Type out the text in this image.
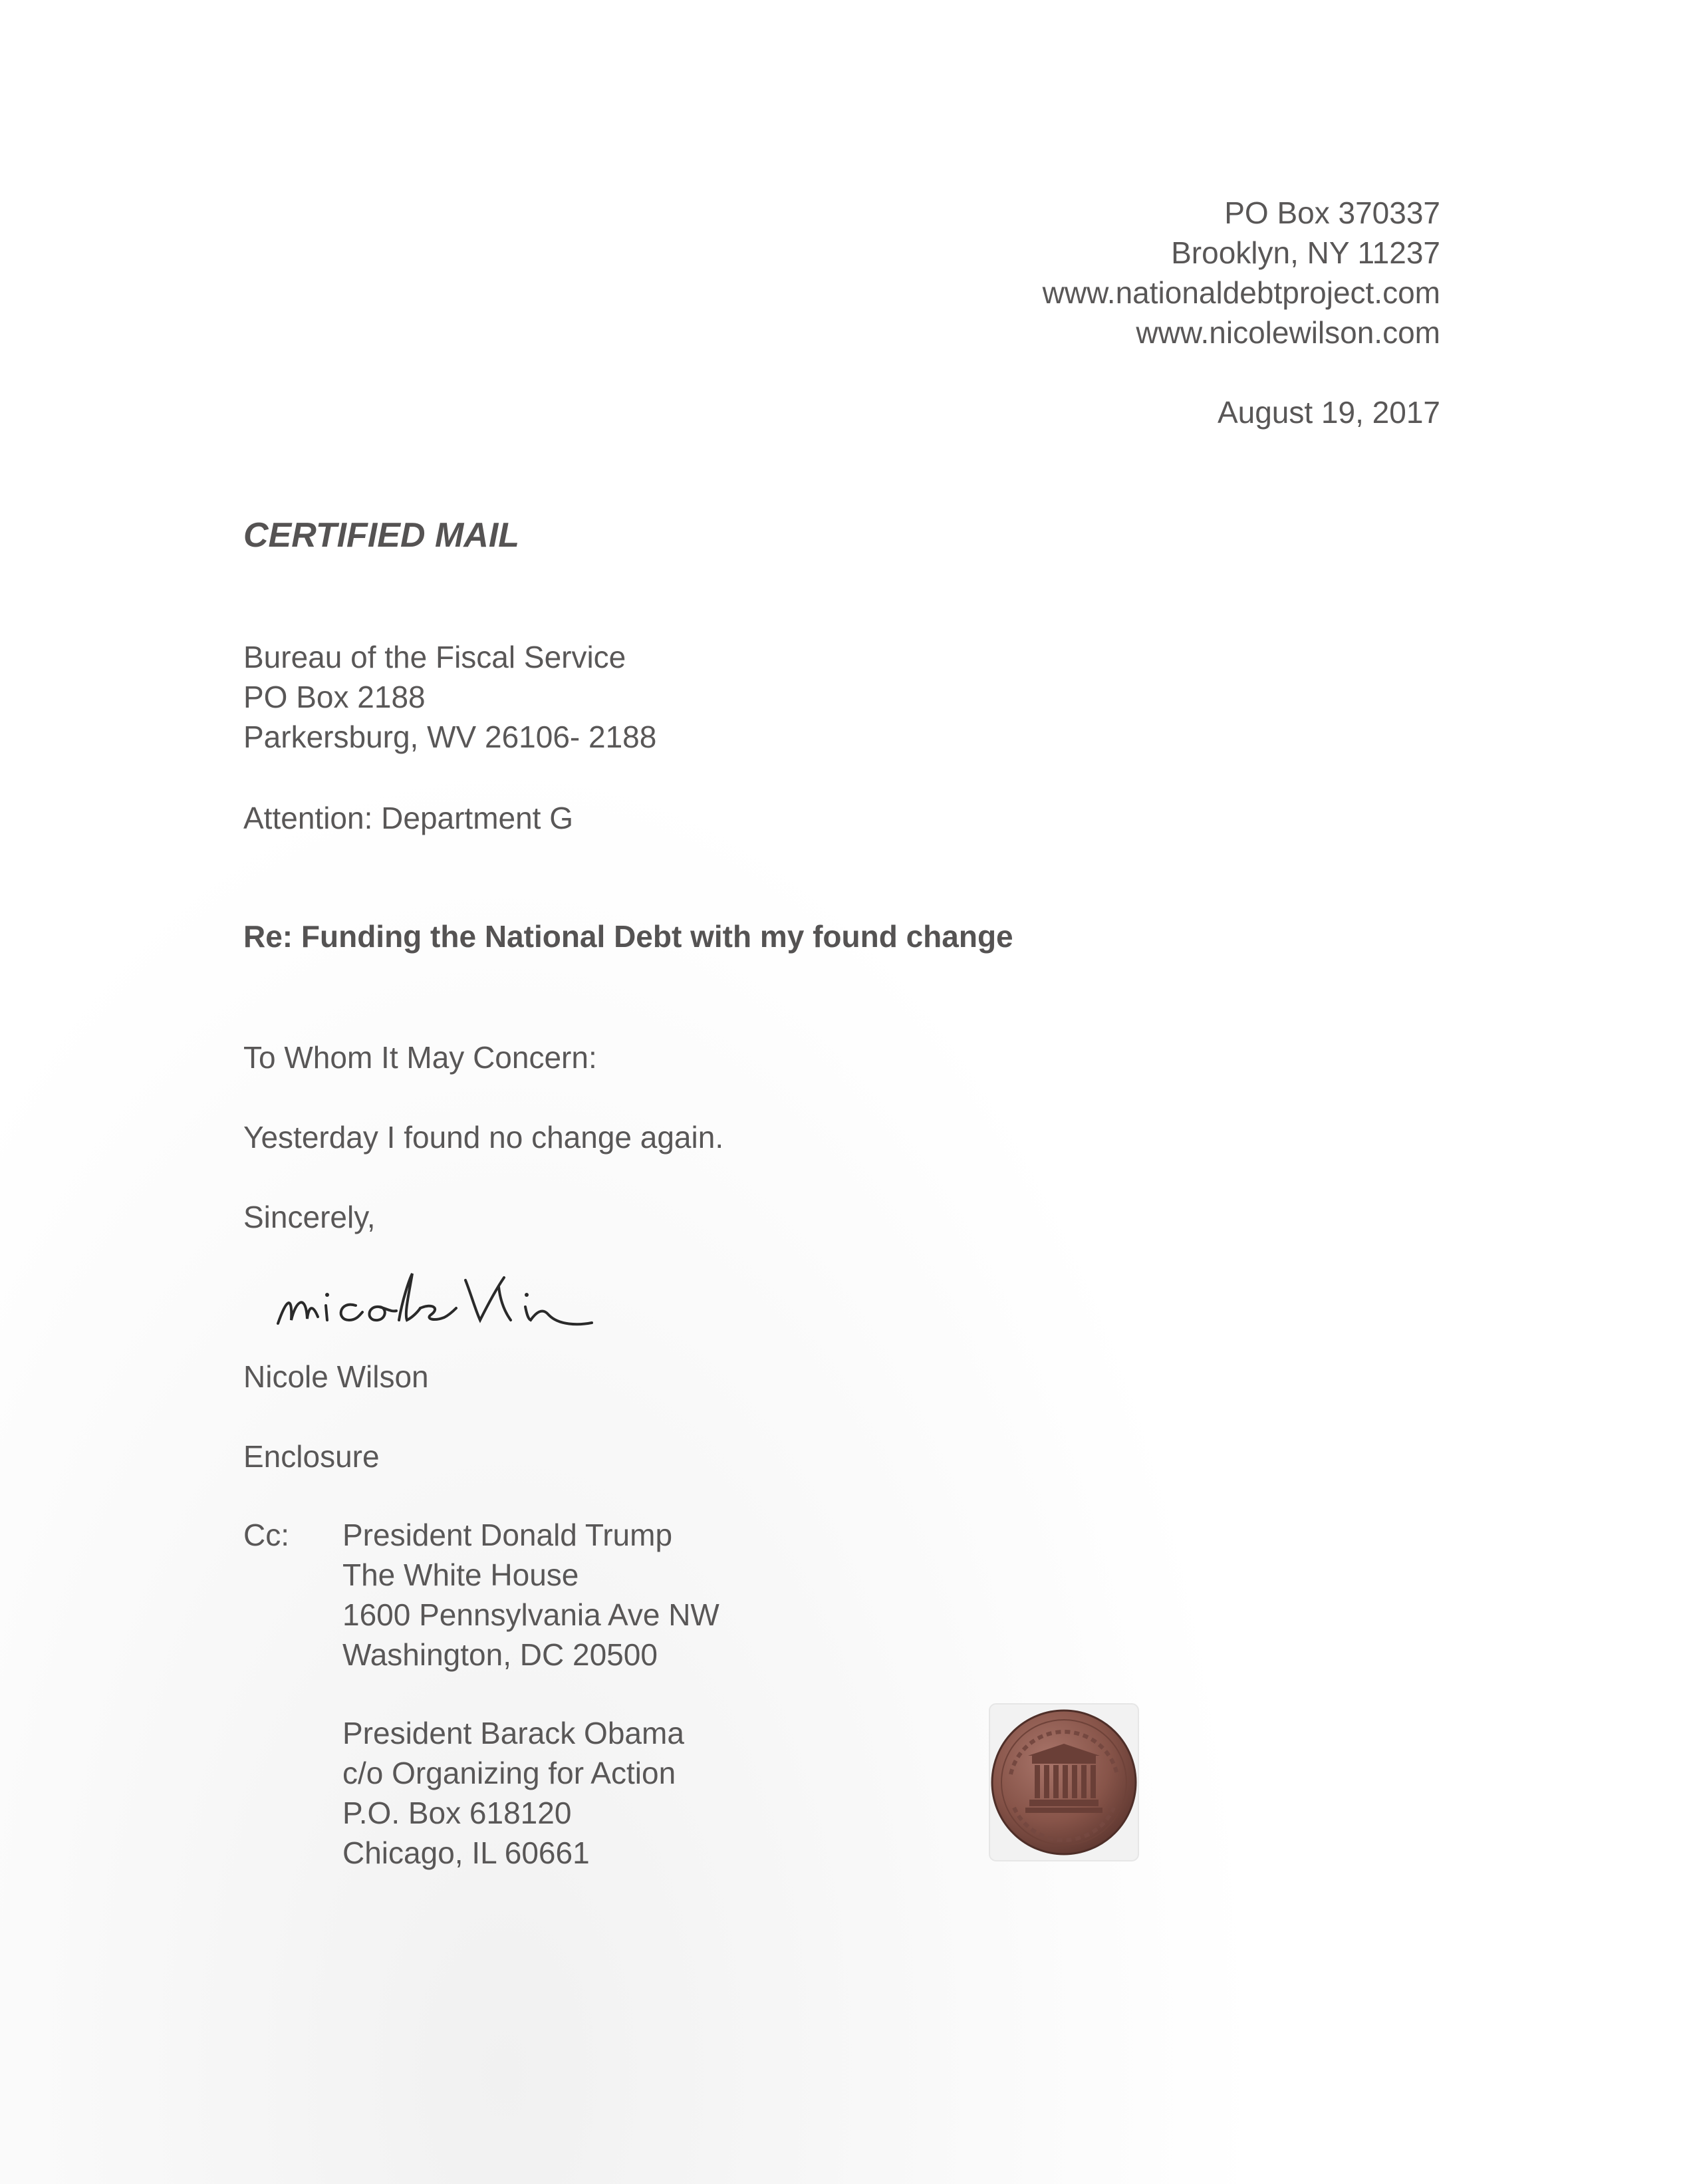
PO Box 370337
Brooklyn, NY 11237
www.nationaldebtproject.com
www.nicolewilson.com
August 19, 2017
CERTIFIED MAIL
Bureau of the Fiscal Service
PO Box 2188
Parkersburg, WV 26106- 2188
Attention: Department G
Re: Funding the National Debt with my found change
To Whom It May Concern:
Yesterday I found no change again.
Sincerely,
Nicole Wilson
Enclosure
Cc: President Donald Trump
The White House
1600 Pennsylvania Ave NW
Washington, DC 20500
President Barack Obama
c/o Organizing for Action
P.O. Box 618120
Chicago, IL 60661
